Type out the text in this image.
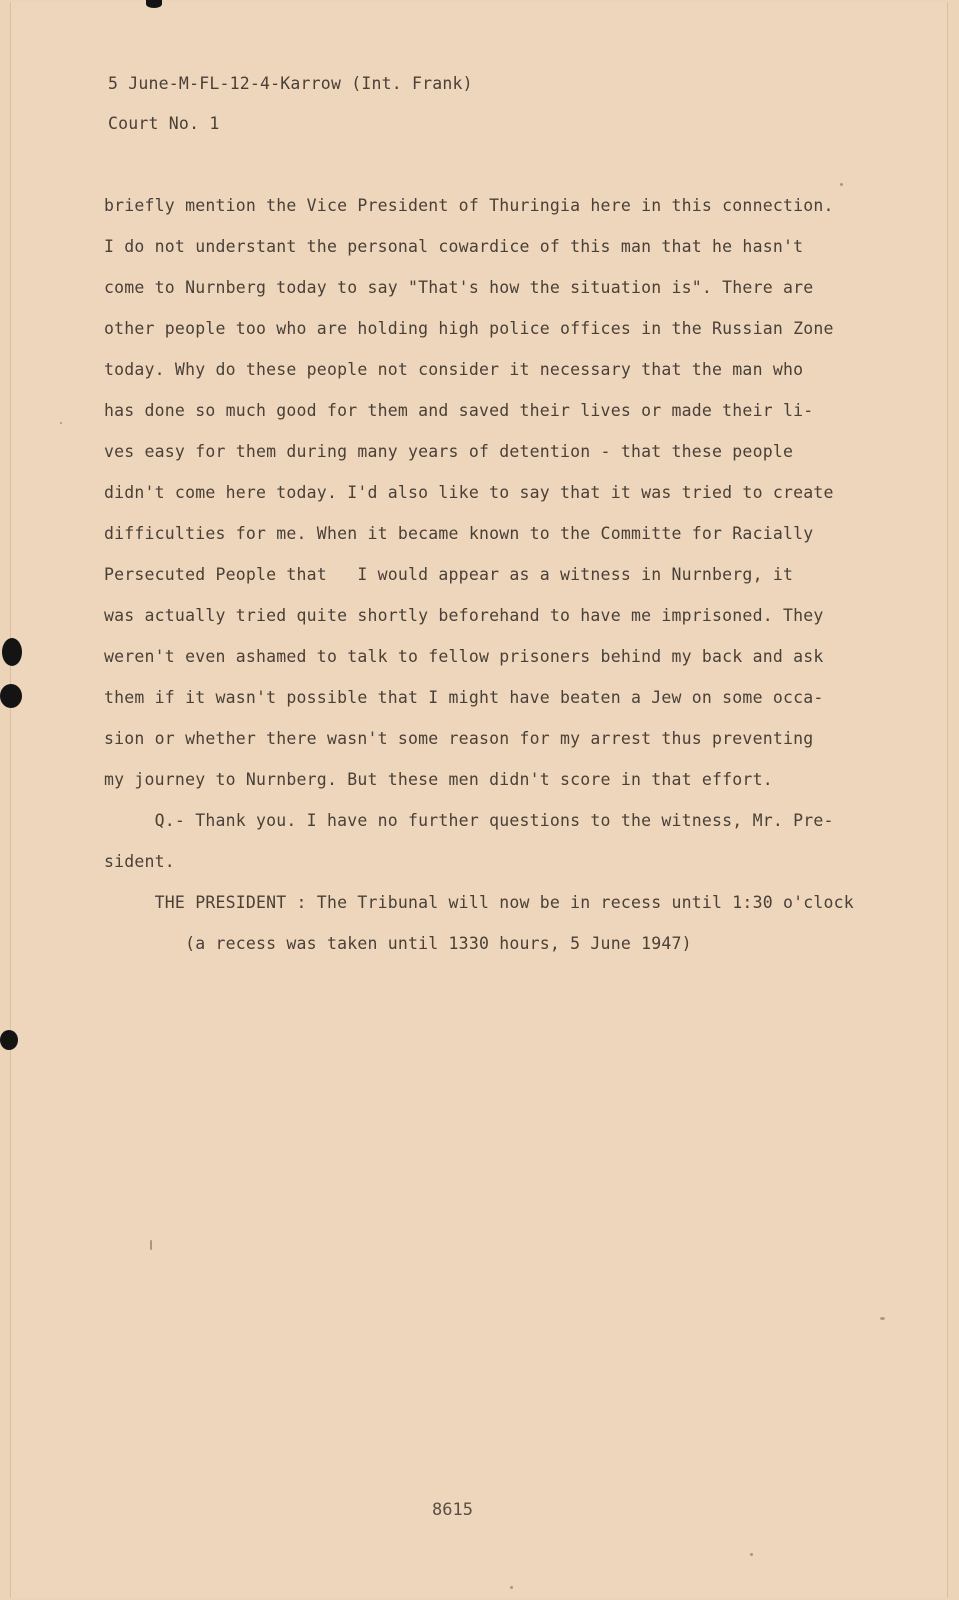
5 June-M-FL-12-4-Karrow (Int. Frank)
Court No. 1
briefly mention the Vice President of Thuringia here in this connection.
I do not understant the personal cowardice of this man that he hasn't
come to Nurnberg today to say "That's how the situation is". There are
other people too who are holding high police offices in the Russian Zone
today. Why do these people not consider it necessary that the man who
has done so much good for them and saved their lives or made their li-
ves easy for them during many years of detention - that these people
didn't come here today. I'd also like to say that it was tried to create
difficulties for me. When it became known to the Committe for Racially
Persecuted People that   I would appear as a witness in Nurnberg, it
was actually tried quite shortly beforehand to have me imprisoned. They
weren't even ashamed to talk to fellow prisoners behind my back and ask
them if it wasn't possible that I might have beaten a Jew on some occa-
sion or whether there wasn't some reason for my arrest thus preventing
my journey to Nurnberg. But these men didn't score in that effort.
Q.- Thank you. I have no further questions to the witness, Mr. Pre-
sident.
THE PRESIDENT : The Tribunal will now be in recess until 1:30 o'clock
(a recess was taken until 1330 hours, 5 June 1947)
8615
